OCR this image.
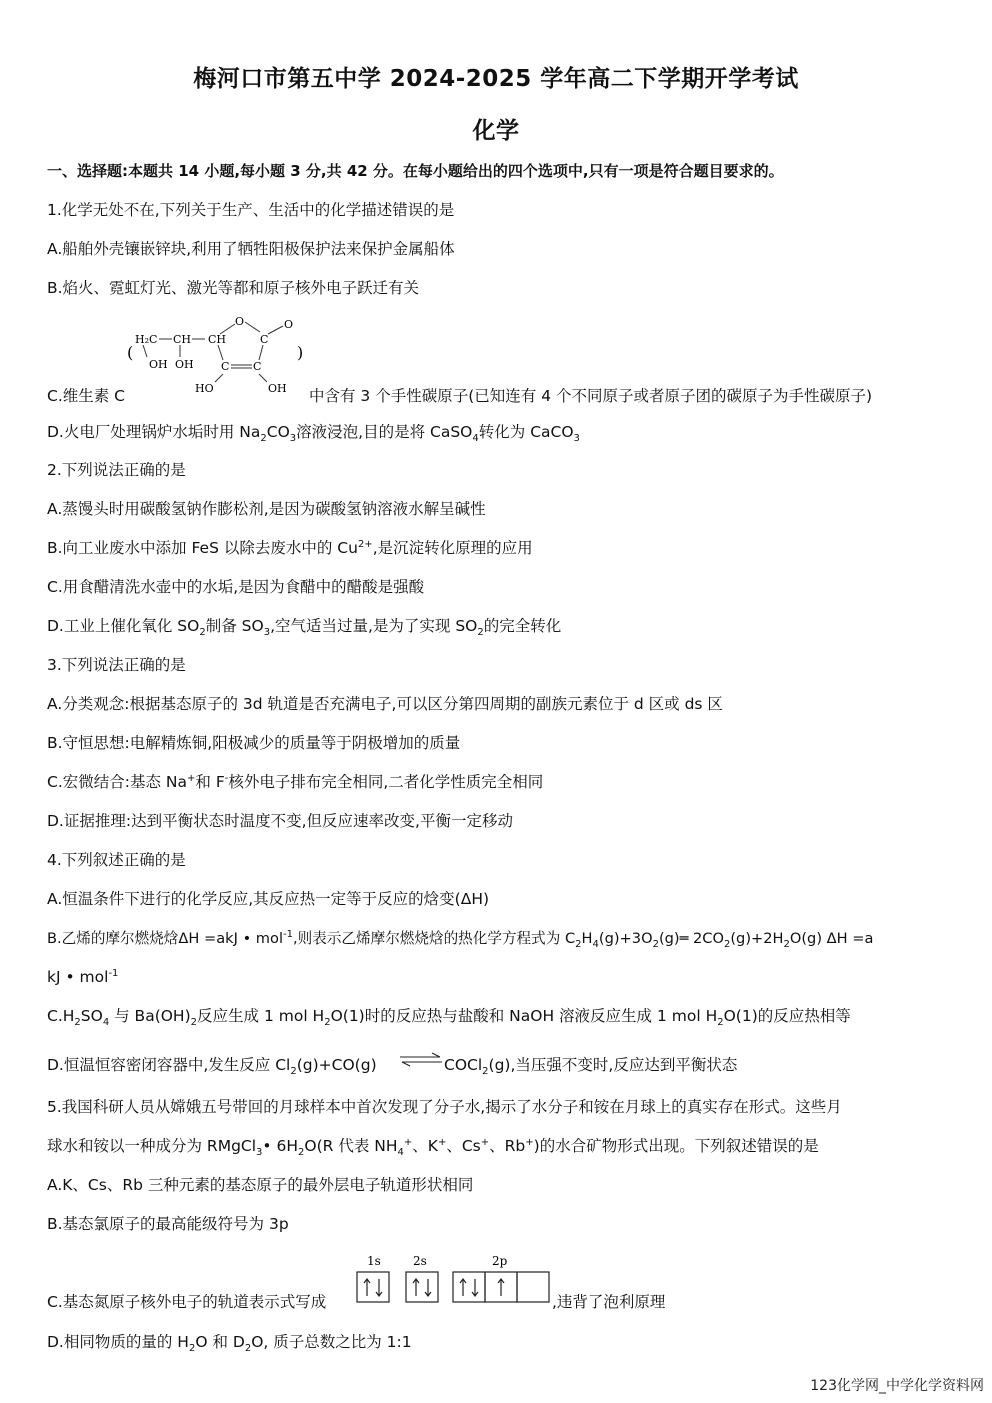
梅河口市第五中学 2024-2025 学年高二下学期开学考试
化学
一、选择题:本题共 14 小题,每小题 3 分,共 42 分。在每小题给出的四个选项中,只有一项是符合题目要求的。
1.化学无处不在,下列关于生产、生活中的化学描述错误的是
A.船舶外壳镶嵌锌块,利用了牺牲阳极保护法来保护金属船体
B.焰火、霓虹灯光、激光等都和原子核外电子跃迁有关
(
H₂C CH CH
OH OH
O
C
O
C C
HO	OH
)
C.维生素 C	中含有 3 个手性碳原子(已知连有 4 个不同原子或者原子团的碳原子为手性碳原子)
D.火电厂处理锅炉水垢时用 $Na_2CO_3$溶液浸泡,目的是将 CaSO$_4$转化为 CaCO$_3$
2.下列说法正确的是
A.蒸馒头时用碳酸氢钠作膨松剂,是因为碳酸氢钠溶液水解呈碱性
B.向工业废水中添加 FeS 以除去废水中的 $Cu^{2+}$,是沉淀转化原理的应用
C.用食醋清洗水壶中的水垢,是因为食醋中的醋酸是强酸
D.工业上催化氧化 $SO_2$制备 $SO_3$,空气适当过量,是为了实现 $SO_2$的完全转化
3.下列说法正确的是
A.分类观念:根据基态原子的 3d 轨道是否充满电子,可以区分第四周期的副族元素位于 d 区或 ds 区
B.守恒思想:电解精炼铜,阳极减少的质量等于阴极增加的质量
C.宏微结合:基态 Na+和 F-核外电子排布完全相同,二者化学性质完全相同
D.证据推理:达到平衡状态时温度不变,但反应速率改变,平衡一定移动
4.下列叙述正确的是
A.恒温条件下进行的化学反应,其反应热一定等于反应的焓变(ΔH)
B.乙烯的摩尔燃烧焓ΔH =akJ • mol$^{-1}$,则表示乙烯摩尔燃烧焓的热化学方程式为 $C_2H_4(g)+3O_2(g)═$ $2CO_2(g)+2H_2O(g)$ ΔH =a
kJ • mol$^{-1}$
$C.H_2SO_4$ 与 $Ba(OH)_2$反应生成 1 mol $H_2O(1)$时的反应热与盐酸和 NaOH 溶液反应生成 1 mol $H_2O(1)$的反应热相等
D.恒温恒容密闭容器中,发生反应 $Cl_2(g)+CO(g)$ ⇌ COCl$_2$(g),当压强不变时,反应达到平衡状态
5.我国科研人员从嫦娥五号带回的月球样本中首次发现了分子水,揭示了水分子和铵在月球上的真实存在形式。这些月
球水和铵以一种成分为 RMgCl$_3$• $6H_2O(R$ 代表 $NH_4^+$、K+、Cs+、Rb+)的水合矿物形式出现。下列叙述错误的是
A.K、Cs、Rb 三种元素的基态原子的最外层电子轨道形状相同
B.基态氯原子的最高能级符号为 3p
C.基态氮原子核外电子的轨道表示式写成
1s	2s	2p
,违背了泡利原理
D.相同物质的量的 $H_2O$ 和 $D_2O$, 质子总数之比为 1:1
123化学网_中学化学资料网
